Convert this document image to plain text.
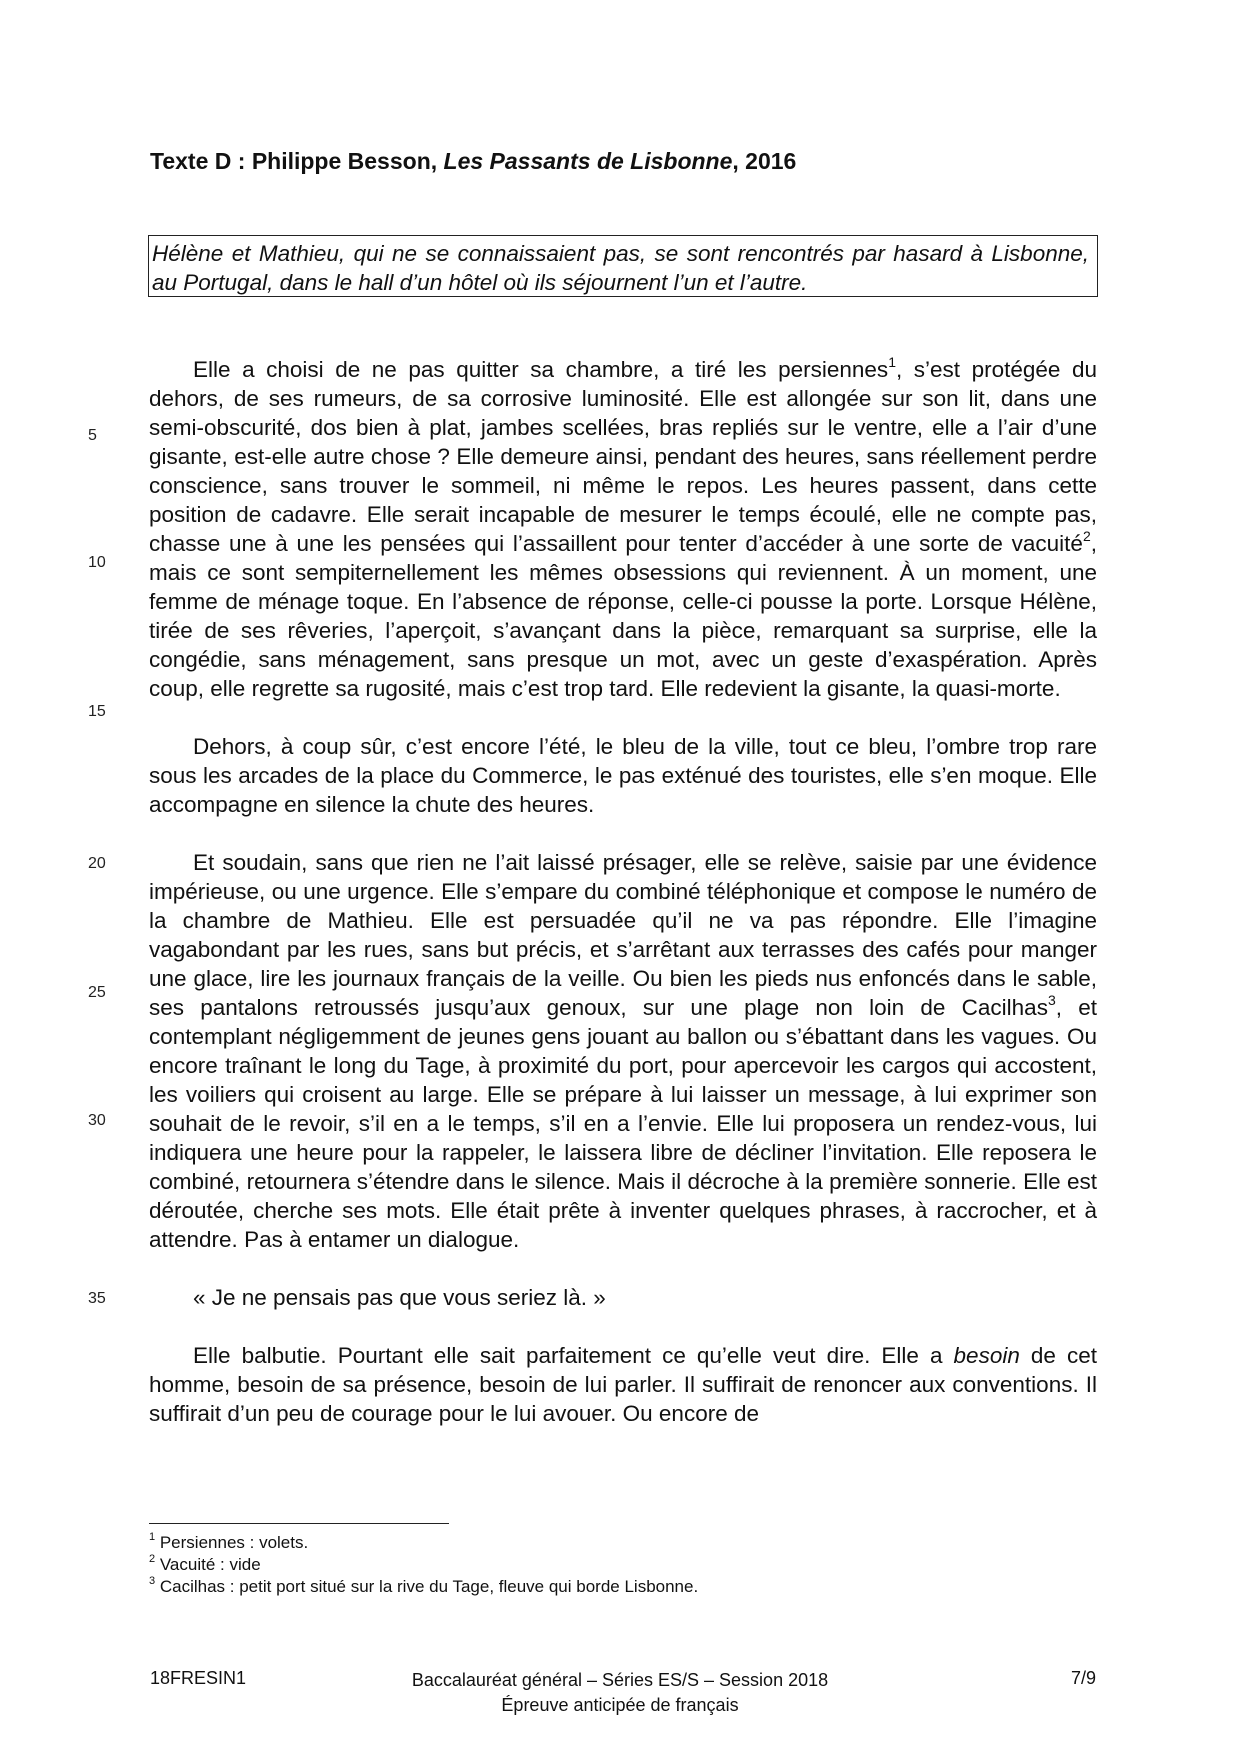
Texte D : Philippe Besson, Les Passants de Lisbonne, 2016
Hélène et Mathieu, qui ne se connaissaient pas, se sont rencontrés par hasard à Lisbonne, au Portugal, dans le hall d’un hôtel où ils séjournent l’un et l’autre.

Elle a choisi de ne pas quitter sa chambre, a tiré les persiennes$^1$, s’est protégée du dehors, de ses rumeurs, de sa corrosive luminosité. Elle est allongée sur son lit, dans une semi-obscurité, dos bien à plat, jambes scellées, bras repliés sur le ventre, elle a l’air d’une gisante, est-elle autre chose ? Elle demeure ainsi, pendant des heures, sans réellement perdre conscience, sans trouver le sommeil, ni même le repos. Les heures passent, dans cette position de cadavre. Elle serait incapable de mesurer le temps écoulé, elle ne compte pas, chasse une à une les pensées qui l’assaillent pour tenter d’accéder à une sorte de vacuité$^2$, mais ce sont sempiternellement les mêmes obsessions qui reviennent. À un moment, une femme de ménage toque. En l’absence de réponse, celle-ci pousse la porte. Lorsque Hélène, tirée de ses rêveries, l’aperçoit, s’avançant dans la pièce, remarquant sa surprise, elle la congédie, sans ménagement, sans presque un mot, avec un geste d’exaspération. Après coup, elle regrette sa rugosité, mais c’est trop tard. Elle redevient la gisante, la quasi-morte.

Dehors, à coup sûr, c’est encore l’été, le bleu de la ville, tout ce bleu, l’ombre trop rare sous les arcades de la place du Commerce, le pas exténué des touristes, elle s’en moque. Elle accompagne en silence la chute des heures.

Et soudain, sans que rien ne l’ait laissé présager, elle se relève, saisie par une évidence impérieuse, ou une urgence. Elle s’empare du combiné téléphonique et compose le numéro de la chambre de Mathieu. Elle est persuadée qu’il ne va pas répondre. Elle l’imagine vagabondant par les rues, sans but précis, et s’arrêtant aux terrasses des cafés pour manger une glace, lire les journaux français de la veille. Ou bien les pieds nus enfoncés dans le sable, ses pantalons retroussés jusqu’aux genoux, sur une plage non loin de Cacilhas$^3$, et contemplant négligemment de jeunes gens jouant au ballon ou s’ébattant dans les vagues. Ou encore traînant le long du Tage, à proximité du port, pour apercevoir les cargos qui accostent, les voiliers qui croisent au large. Elle se prépare à lui laisser un message, à lui exprimer son souhait de le revoir, s’il en a le temps, s’il en a l’envie. Elle lui proposera un rendez-vous, lui indiquera une heure pour la rappeler, le laissera libre de décliner l’invitation. Elle reposera le combiné, retournera s’étendre dans le silence. Mais il décroche à la première sonnerie. Elle est déroutée, cherche ses mots. Elle était prête à inventer quelques phrases, à raccrocher, et à attendre. Pas à entamer un dialogue.

« Je ne pensais pas que vous seriez là. »

Elle balbutie. Pourtant elle sait parfaitement ce qu’elle veut dire. Elle a besoin de cet homme, besoin de sa présence, besoin de lui parler. Il suffirait de renoncer aux conventions. Il suffirait d’un peu de courage pour le lui avouer. Ou encore de

5
10
15
20
25
30
35
$^1$ Persiennes : volets.
$^2$ Vacuité : vide
$^3$ Cacilhas : petit port situé sur la rive du Tage, fleuve qui borde Lisbonne.
18FRESIN1	Baccalauréat général – Séries ES/S – Session 2018
Épreuve anticipée de français
7/9
